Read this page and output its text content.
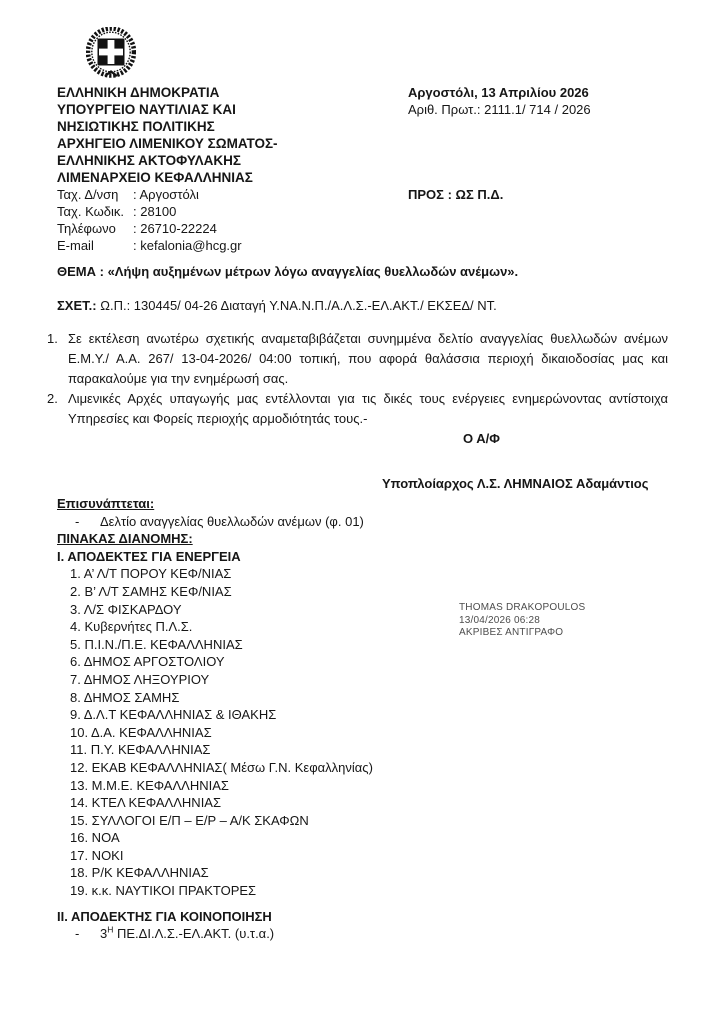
ΕΛΛΗΝΙΚΗ ΔΗΜΟΚΡΑΤΙΑ
ΥΠΟΥΡΓΕΙΟ ΝΑΥΤΙΛΙΑΣ ΚΑΙ
ΝΗΣΙΩΤΙΚΗΣ ΠΟΛΙΤΙΚΗΣ
ΑΡΧΗΓΕΙΟ ΛΙΜΕΝΙΚΟΥ ΣΩΜΑΤΟΣ-
ΕΛΛΗΝΙΚΗΣ ΑΚΤΟΦΥΛΑΚΗΣ
ΛΙΜΕΝΑΡΧΕΙΟ ΚΕΦΑΛΛΗΝΙΑΣ
Ταχ. Δ/νση : Αργοστόλι
Ταχ. Κωδικ. : 28100
Τηλέφωνο : 26710-22224
E-mail	: kefalonia@hcg.gr
Αργοστόλι, 13 Απριλίου 2026
Αριθ. Πρωτ.: 2111.1/ 714 / 2026
ΠΡΟΣ : ΩΣ Π.Δ.
ΘΕΜΑ : «Λήψη αυξημένων μέτρων λόγω αναγγελίας θυελλωδών ανέμων».
ΣΧΕΤ.: Ω.Π.: 130445/ 04-26 Διαταγή Υ.ΝΑ.Ν.Π./Α.Λ.Σ.-ΕΛ.ΑΚΤ./ ΕΚΣΕΔ/ ΝΤ.
1. Σε εκτέλεση ανωτέρω σχετικής αναμεταβιβάζεται συνημμένα δελτίο αναγγελίας θυελλωδών ανέμων Ε.Μ.Υ./ Α.Α. 267/ 13-04-2026/ 04:00 τοπική, που αφορά θαλάσσια περιοχή δικαιοδοσίας μας και παρακαλούμε για την ενημέρωσή σας.
2. Λιμενικές Αρχές υπαγωγής μας εντέλλονται για τις δικές τους ενέργειες ενημερώνοντας αντίστοιχα Υπηρεσίες και Φορείς περιοχής αρμοδιότητάς τους.-
Ο Α/Φ
Υποπλοίαρχος Λ.Σ. ΛΗΜΝΑΙΟΣ Αδαμάντιος
Επισυνάπτεται:
-	Δελτίο αναγγελίας θυελλωδών ανέμων (φ. 01)
ΠΙΝΑΚΑΣ ΔΙΑΝΟΜΗΣ:
Ι. ΑΠΟΔΕΚΤΕΣ ΓΙΑ ΕΝΕΡΓΕΙΑ
1. Α’ Λ/Τ ΠΟΡΟΥ ΚΕΦ/ΝΙΑΣ
2. Β’ Λ/Τ ΣΑΜΗΣ ΚΕΦ/ΝΙΑΣ
3. Λ/Σ ΦΙΣΚΑΡΔΟΥ
4. Κυβερνήτες Π.Λ.Σ.
5. Π.Ι.Ν./Π.Ε. ΚΕΦΑΛΛΗΝΙΑΣ
6. ΔΗΜΟΣ ΑΡΓΟΣΤΟΛΙΟΥ
7. ΔΗΜΟΣ ΛΗΞΟΥΡΙΟΥ
8. ΔΗΜΟΣ ΣΑΜΗΣ
9. Δ.Λ.Τ ΚΕΦΑΛΛΗΝΙΑΣ & ΙΘΑΚΗΣ
10. Δ.Α. ΚΕΦΑΛΛΗΝΙΑΣ
11. Π.Υ. ΚΕΦΑΛΛΗΝΙΑΣ
12. ΕΚΑΒ ΚΕΦΑΛΛΗΝΙΑΣ( Μέσω Γ.Ν. Κεφαλληνίας)
13. Μ.Μ.Ε. ΚΕΦΑΛΛΗΝΙΑΣ
14. ΚΤΕΛ ΚΕΦΑΛΛΗΝΙΑΣ
15. ΣΥΛΛΟΓΟΙ Ε/Π – Ε/Ρ – Α/Κ ΣΚΑΦΩΝ
16. ΝΟΑ
17. ΝΟΚΙ
18. Ρ/Κ ΚΕΦΑΛΛΗΝΙΑΣ
19. κ.κ. ΝΑΥΤΙΚΟΙ ΠΡΑΚΤΟΡΕΣ
ΙΙ. ΑΠΟΔΕΚΤΗΣ ΓΙΑ ΚΟΙΝΟΠΟΙΗΣΗ
-	$3^H$ ΠΕ.ΔΙ.Λ.Σ.-ΕΛ.ΑΚΤ. (υ.τ.α.)
THOMAS DRAKOPOULOS
13/04/2026 06:28
ΑΚΡΙΒΕΣ ΑΝΤΙΓΡΑΦΟ
